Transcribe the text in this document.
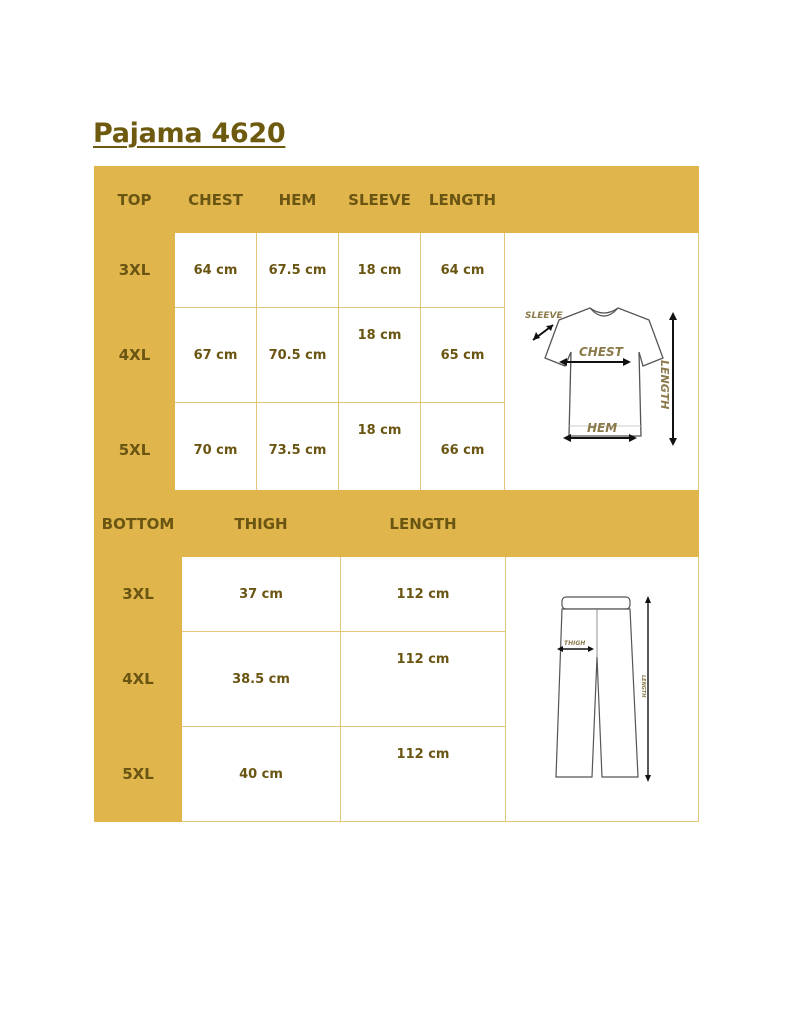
Pajama 4620
TOP	CHEST	HEM	SLEEVE	LENGTH	
3XL	64 cm	67.5 cm	18 cm	64 cm	SLEEVE
CHEST
HEM
LENGTH

4XL	67 cm	70.5 cm	18 cm	65 cm	
5XL	70 cm	73.5 cm	18 cm	66 cm	
BOTTOM	THIGH	LENGTH	
3XL	37 cm	112 cm	THIGH
LENGTH

4XL	38.5 cm	112 cm	
5XL	40 cm	112 cm	
